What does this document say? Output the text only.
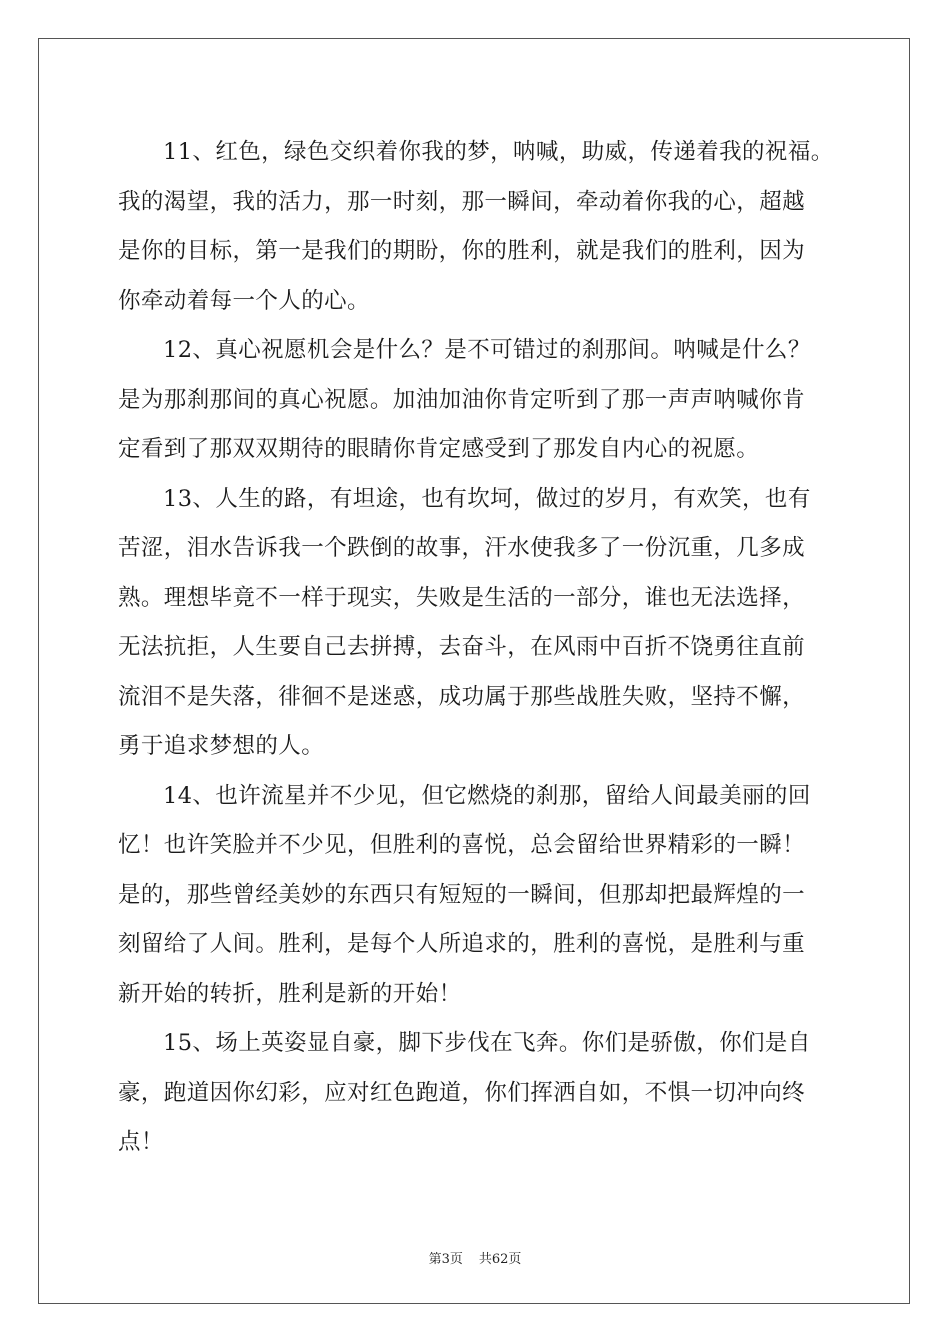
11、红色，绿色交织着你我的梦，呐喊，助威，传递着我的祝福。
我的渴望，我的活力，那一时刻，那一瞬间，牵动着你我的心，超越
是你的目标，第一是我们的期盼，你的胜利，就是我们的胜利，因为
你牵动着每一个人的心。
12、真心祝愿机会是什么？是不可错过的刹那间。呐喊是什么？
是为那刹那间的真心祝愿。加油加油你肯定听到了那一声声呐喊你肯
定看到了那双双期待的眼睛你肯定感受到了那发自内心的祝愿。
13、人生的路，有坦途，也有坎坷，做过的岁月，有欢笑，也有
苦涩，泪水告诉我一个跌倒的故事，汗水使我多了一份沉重，几多成
熟。理想毕竟不一样于现实，失败是生活的一部分，谁也无法选择，
无法抗拒，人生要自己去拼搏，去奋斗，在风雨中百折不饶勇往直前
流泪不是失落，徘徊不是迷惑，成功属于那些战胜失败，坚持不懈，
勇于追求梦想的人。
14、也许流星并不少见，但它燃烧的刹那，留给人间最美丽的回
忆！也许笑脸并不少见，但胜利的喜悦，总会留给世界精彩的一瞬！
是的，那些曾经美妙的东西只有短短的一瞬间，但那却把最辉煌的一
刻留给了人间。胜利，是每个人所追求的，胜利的喜悦，是胜利与重
新开始的转折，胜利是新的开始！
15、场上英姿显自豪，脚下步伐在飞奔。你们是骄傲，你们是自
豪，跑道因你幻彩，应对红色跑道，你们挥洒自如，不惧一切冲向终
点！
第3页 共62页
